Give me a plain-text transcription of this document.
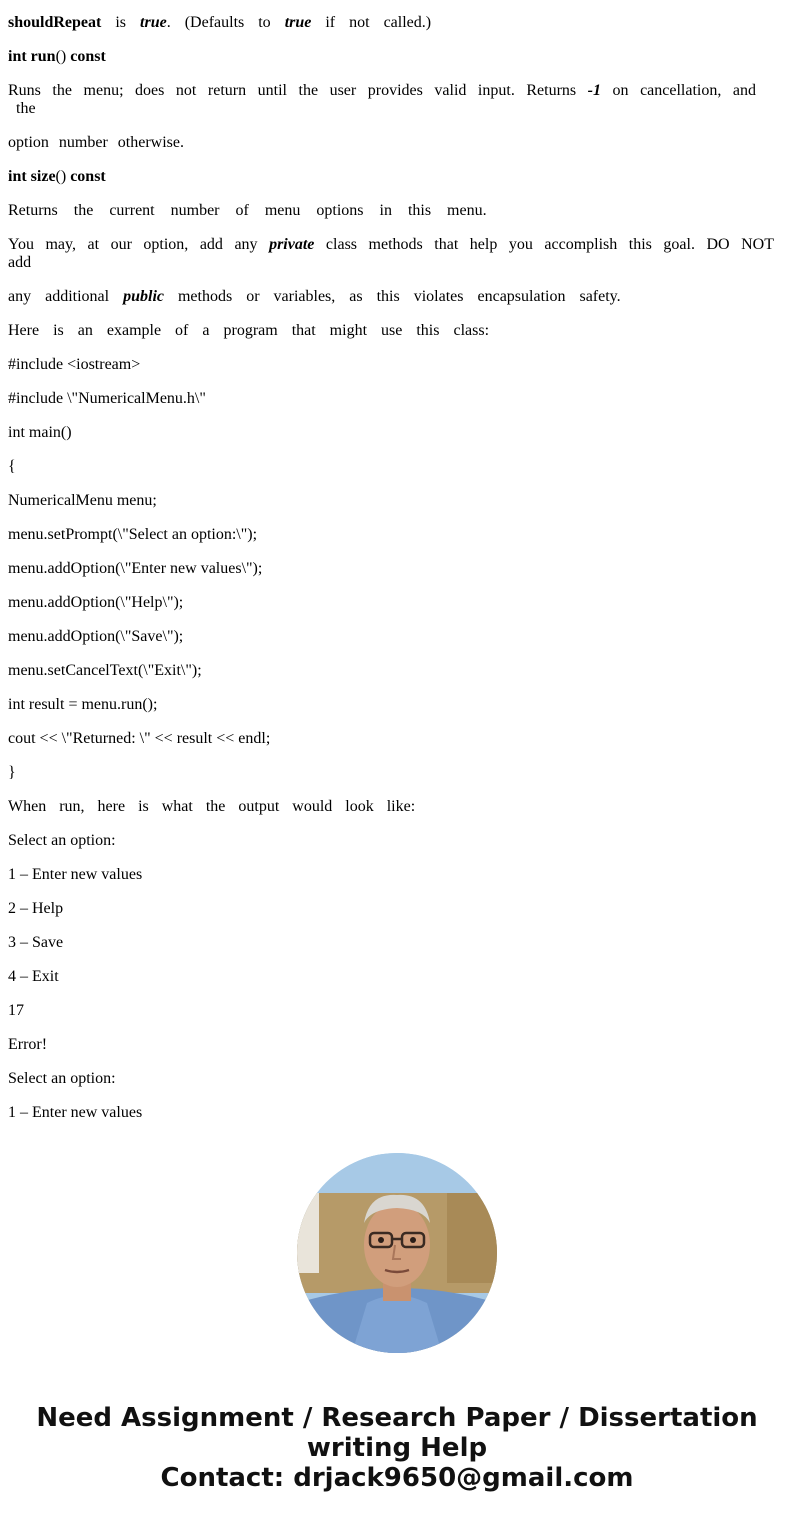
shouldRepeat is true. (Defaults to true if not called.)
int run() const
Runs the menu; does not return until the user provides valid input. Returns -1 on cancellation, and
the
option number otherwise.
int size() const
Returns the current number of menu options in this menu.
You may, at our option, add any private class methods that help you accomplish this goal. DO NOT
add
any additional public methods or variables, as this violates encapsulation safety.
Here is an example of a program that might use this class:
#include <iostream>
#include \"NumericalMenu.h\"
int main()
{
NumericalMenu menu;
menu.setPrompt(\"Select an option:\");
menu.addOption(\"Enter new values\");
menu.addOption(\"Help\");
menu.addOption(\"Save\");
menu.setCancelText(\"Exit\");
int result = menu.run();
cout << \"Returned: \" << result << endl;
}
When run, here is what the output would look like:
Select an option:
1 – Enter new values
2 – Help
3 – Save
4 – Exit
17
Error!
Select an option:
1 – Enter new values
Need Assignment / Research Paper / Dissertation
writing Help
Contact: drjack9650@gmail.com
